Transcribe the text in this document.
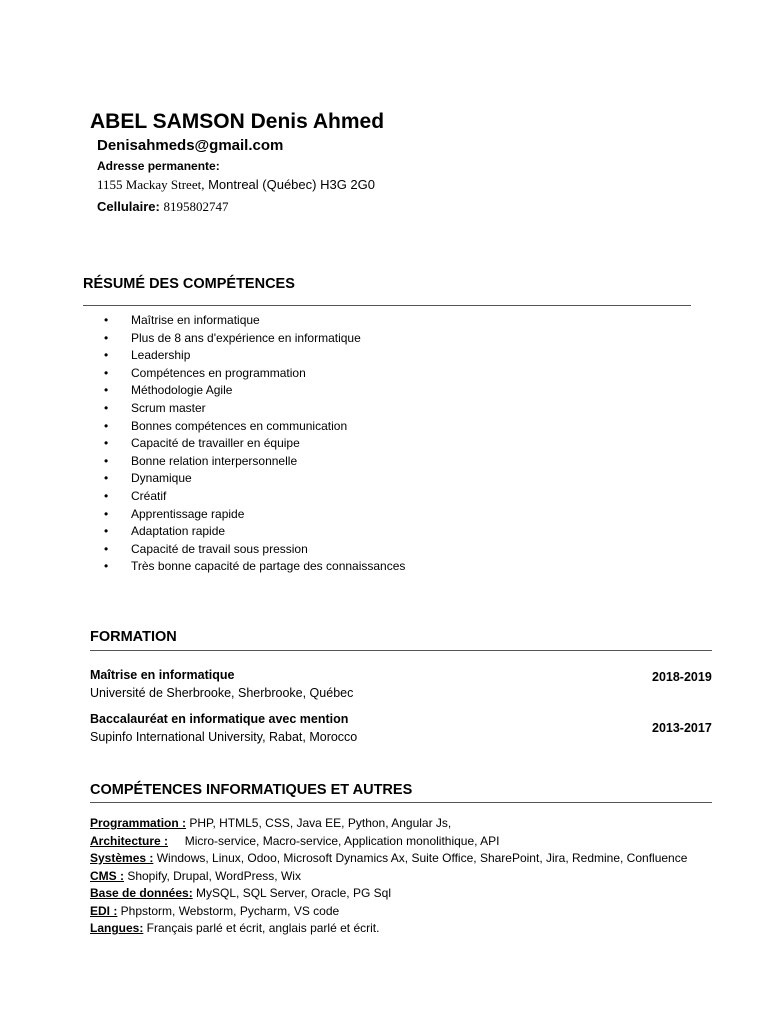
ABEL SAMSON Denis Ahmed
Denisahmeds@gmail.com
Adresse permanente:
1155 Mackay Street, Montreal (Québec) H3G 2G0
Cellulaire: 8195802747
RÉSUMÉ DES COMPÉTENCES
• Maîtrise en informatique
• Plus de 8 ans d'expérience en informatique
• Leadership
• Compétences en programmation
• Méthodologie Agile
• Scrum master
• Bonnes compétences en communication
• Capacité de travailler en équipe
• Bonne relation interpersonnelle
• Dynamique
• Créatif
• Apprentissage rapide
• Adaptation rapide
• Capacité de travail sous pression
• Très bonne capacité de partage des connaissances
FORMATION
Maîtrise en informatique
Université de Sherbrooke, Sherbrooke, Québec
2018-2019
Baccalauréat en informatique avec mention
Supinfo International University, Rabat, Morocco
2013-2017
COMPÉTENCES INFORMATIQUES ET AUTRES
Programmation : PHP, HTML5, CSS, Java EE, Python, Angular Js,
Architecture :     Micro-service, Macro-service, Application monolithique, API
Systèmes : Windows, Linux, Odoo, Microsoft Dynamics Ax, Suite Office, SharePoint, Jira, Redmine, Confluence
CMS : Shopify, Drupal, WordPress, Wix
Base de données: MySQL, SQL Server, Oracle, PG Sql
EDI : Phpstorm, Webstorm, Pycharm, VS code
Langues: Français parlé et écrit, anglais parlé et écrit.
